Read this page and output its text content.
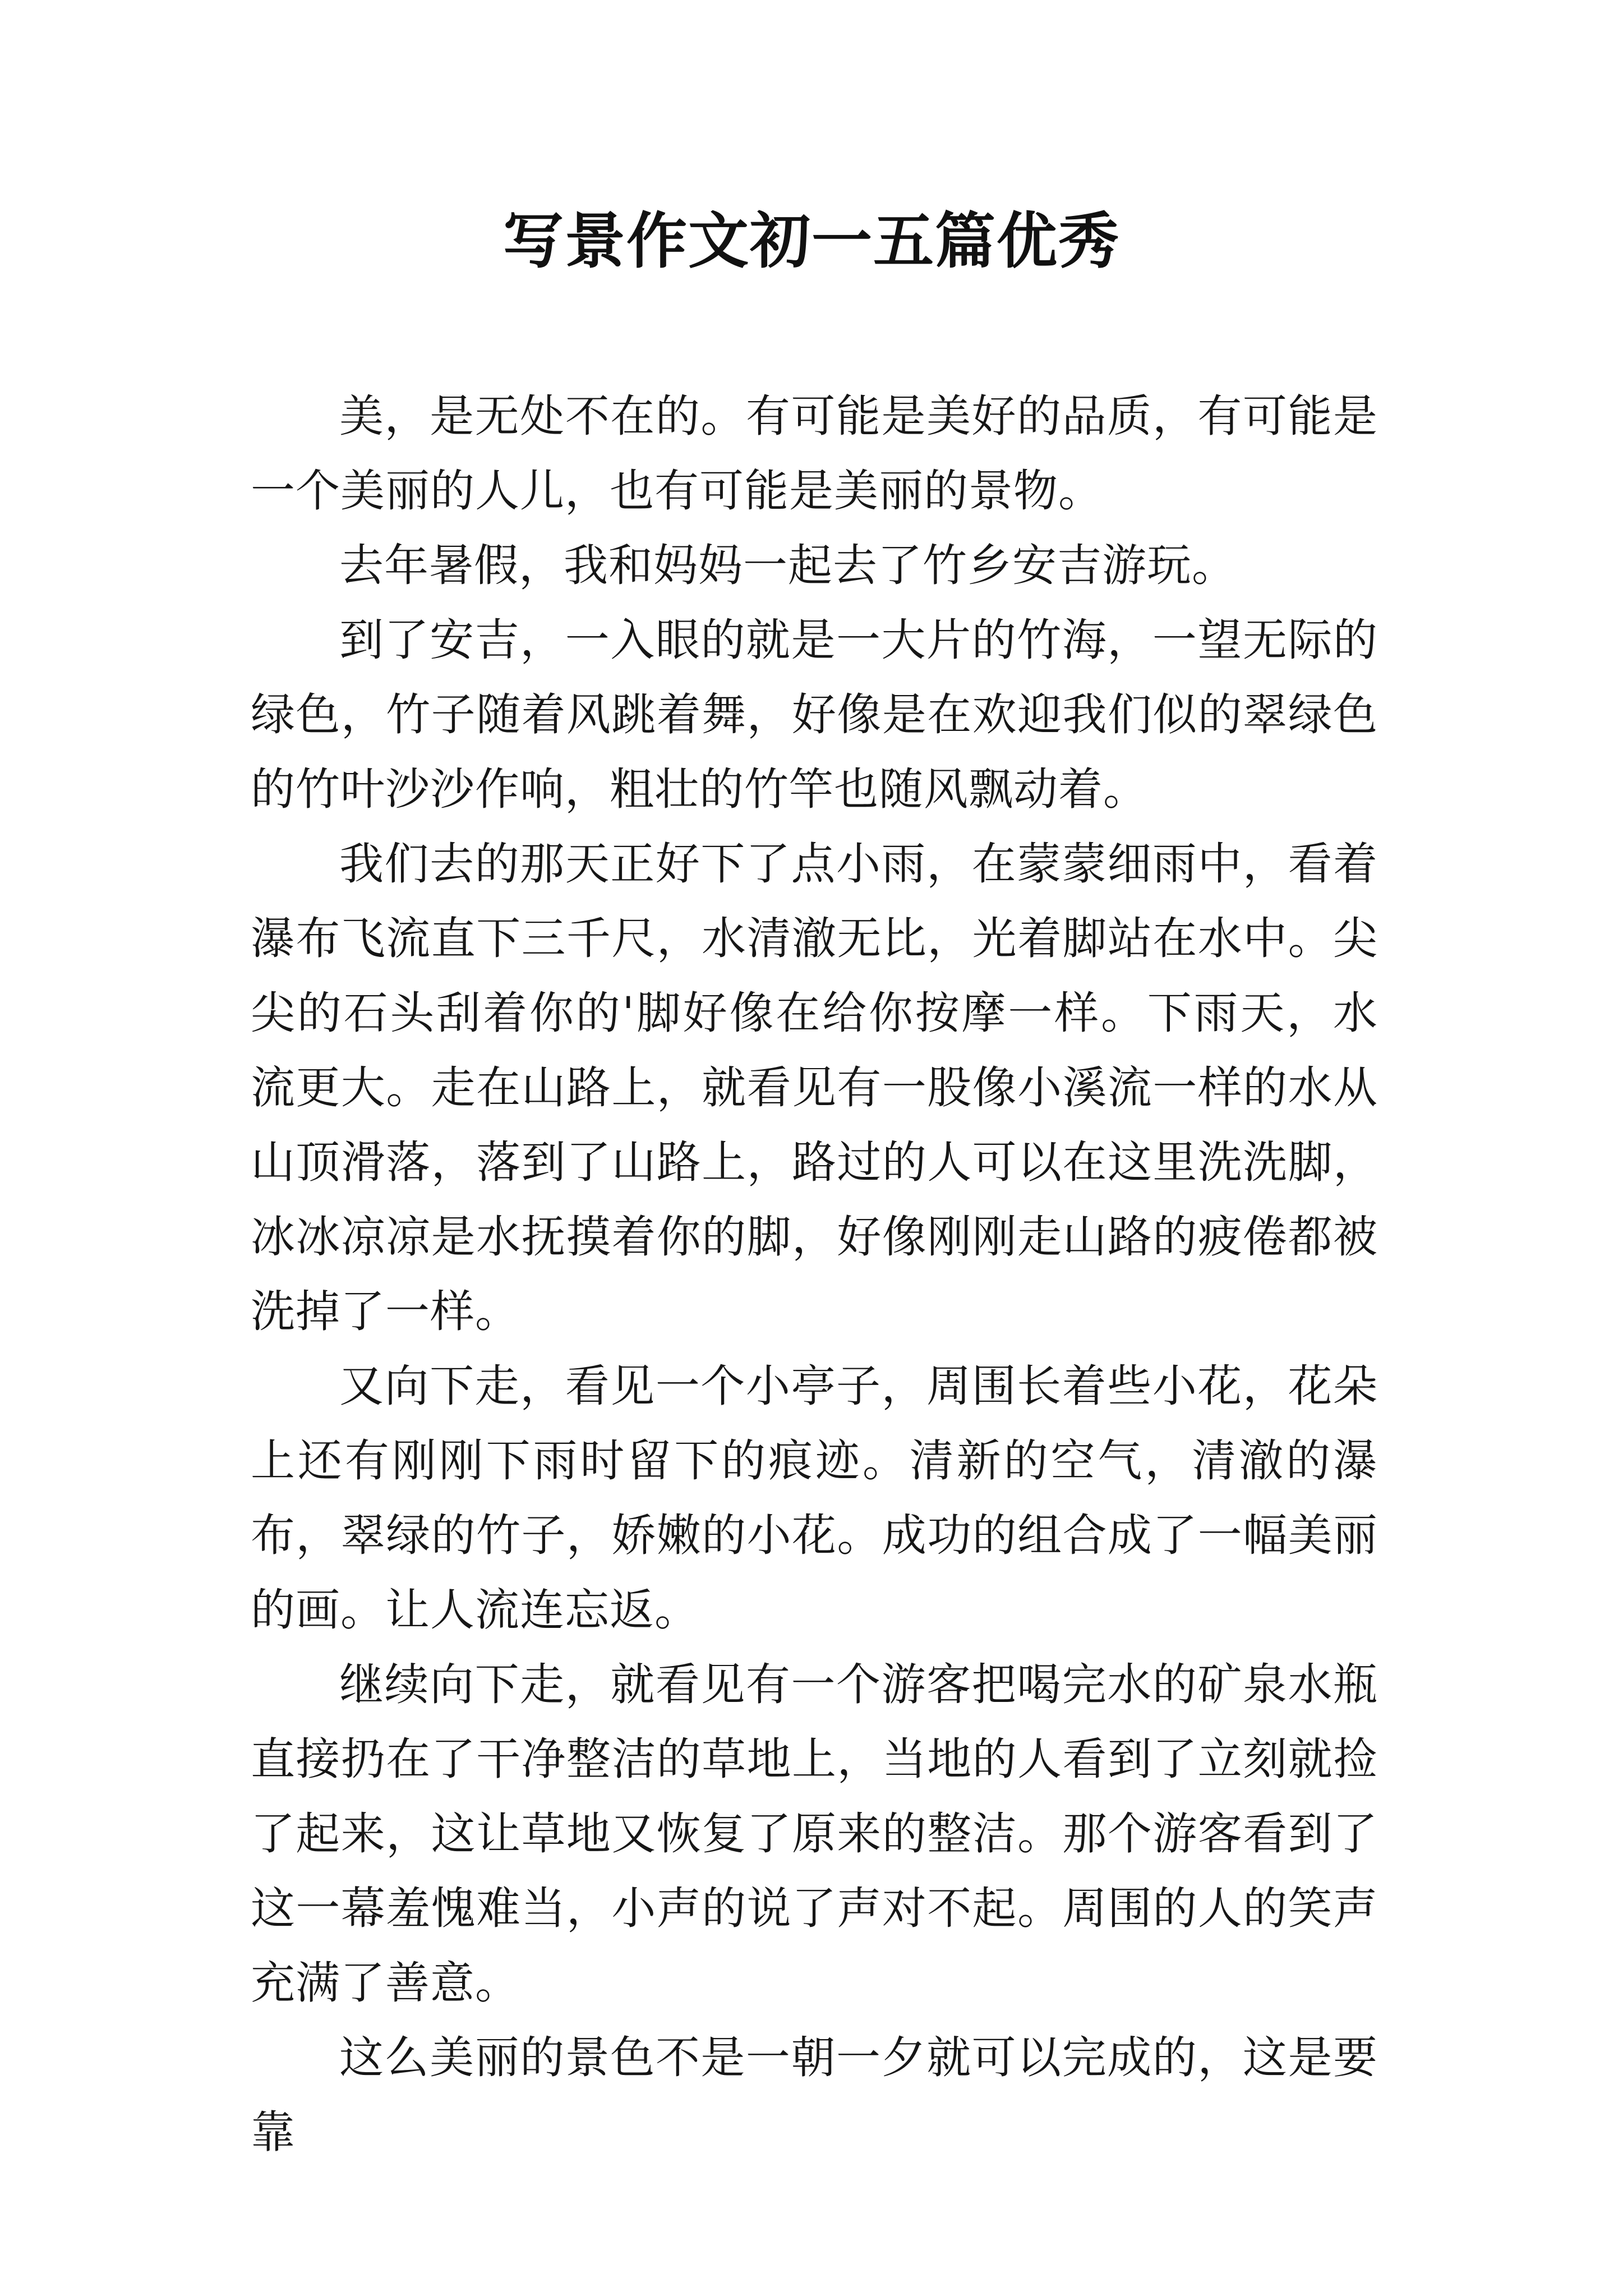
写景作文初一五篇优秀

美，是无处不在的。有可能是美好的品质，有可能是一个美丽的人儿，也有可能是美丽的景物。

去年暑假，我和妈妈一起去了竹乡安吉游玩。

到了安吉，一入眼的就是一大片的竹海，一望无际的绿色，竹子随着风跳着舞，好像是在欢迎我们似的翠绿色的竹叶沙沙作响，粗壮的竹竿也随风飘动着。

我们去的那天正好下了点小雨，在蒙蒙细雨中，看着瀑布飞流直下三千尺，水清澈无比，光着脚站在水中。尖尖的石头刮着你的'脚好像在给你按摩一样。下雨天，水流更大。走在山路上，就看见有一股像小溪流一样的水从山顶滑落，落到了山路上，路过的人可以在这里洗洗脚，冰冰凉凉是水抚摸着你的脚，好像刚刚走山路的疲倦都被洗掉了一样。

又向下走，看见一个小亭子，周围长着些小花，花朵上还有刚刚下雨时留下的痕迹。清新的空气，清澈的瀑布，翠绿的竹子，娇嫩的小花。成功的组合成了一幅美丽的画。让人流连忘返。

继续向下走，就看见有一个游客把喝完水的矿泉水瓶直接扔在了干净整洁的草地上，当地的人看到了立刻就捡了起来，这让草地又恢复了原来的整洁。那个游客看到了这一幕羞愧难当，小声的说了声对不起。周围的人的笑声充满了善意。

这么美丽的景色不是一朝一夕就可以完成的，这是要靠
